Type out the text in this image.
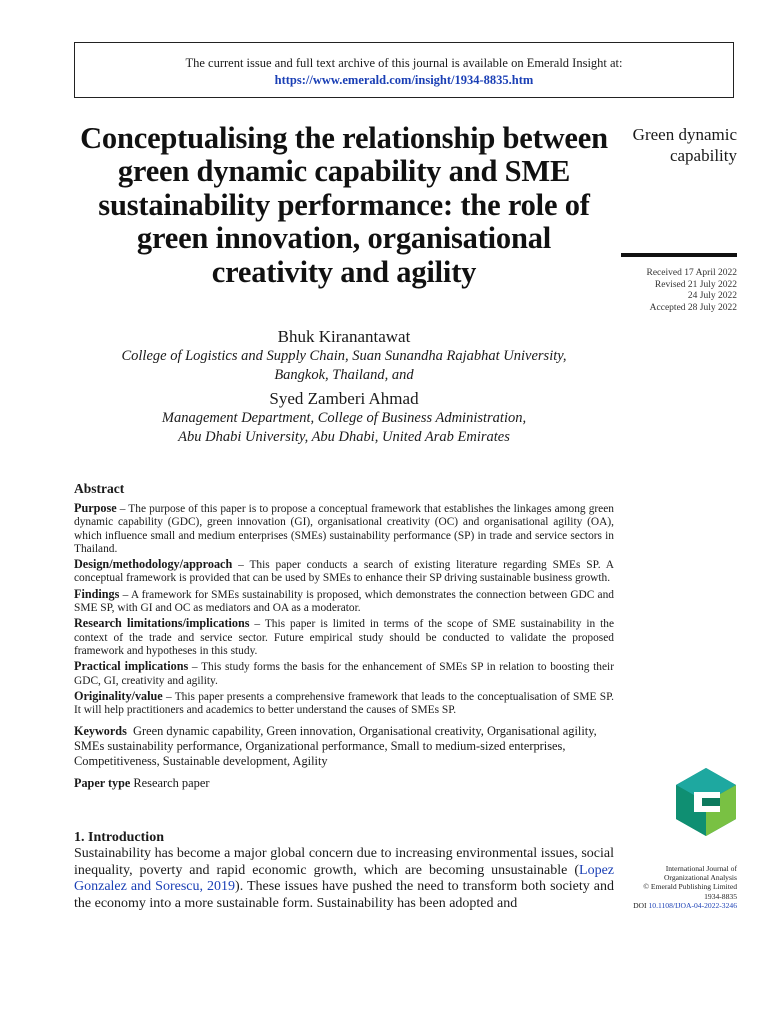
The current issue and full text archive of this journal is available on Emerald Insight at:
https://www.emerald.com/insight/1934-8835.htm
Conceptualising the relationship between green dynamic capability and SME sustainability performance: the role of green innovation, organisational creativity and agility
Green dynamic capability
Received 17 April 2022
Revised 21 July 2022
24 July 2022
Accepted 28 July 2022
Bhuk Kiranantawat
College of Logistics and Supply Chain, Suan Sunandha Rajabhat University,
Bangkok, Thailand, and
Syed Zamberi Ahmad
Management Department, College of Business Administration,
Abu Dhabi University, Abu Dhabi, United Arab Emirates
Abstract

Purpose – The purpose of this paper is to propose a conceptual framework that establishes the linkages among green dynamic capability (GDC), green innovation (GI), organisational creativity (OC) and organisational agility (OA), which influence small and medium enterprises (SMEs) sustainability performance (SP) in trade and service sectors in Thailand.

Design/methodology/approach – This paper conducts a search of existing literature regarding SMEs SP. A conceptual framework is provided that can be used by SMEs to enhance their SP driving sustainable business growth.

Findings – A framework for SMEs sustainability is proposed, which demonstrates the connection between GDC and SME SP, with GI and OC as mediators and OA as a moderator.

Research limitations/implications – This paper is limited in terms of the scope of SME sustainability in the context of the trade and service sector. Future empirical study should be conducted to validate the proposed framework and hypotheses in this study.

Practical implications – This study forms the basis for the enhancement of SMEs SP in relation to boosting their GDC, GI, creativity and agility.

Originality/value – This paper presents a comprehensive framework that leads to the conceptualisation of SME SP. It will help practitioners and academics to better understand the causes of SMEs SP.

Keywords Green dynamic capability, Green innovation, Organisational creativity, Organisational agility, SMEs sustainability performance, Organizational performance, Small to medium-sized enterprises, Competitiveness, Sustainable development, Agility

Paper type Research paper

1. Introduction

Sustainability has become a major global concern due to increasing environmental issues, social inequality, poverty and rapid economic growth, which are becoming unsustainable (Lopez Gonzalez and Sorescu, 2019). These issues have pushed the need to transform both society and the economy into a more sustainable form. Sustainability has been adopted and

International Journal of
Organizational Analysis
© Emerald Publishing Limited
1934-8835
DOI 10.1108/IJOA-04-2022-3246
